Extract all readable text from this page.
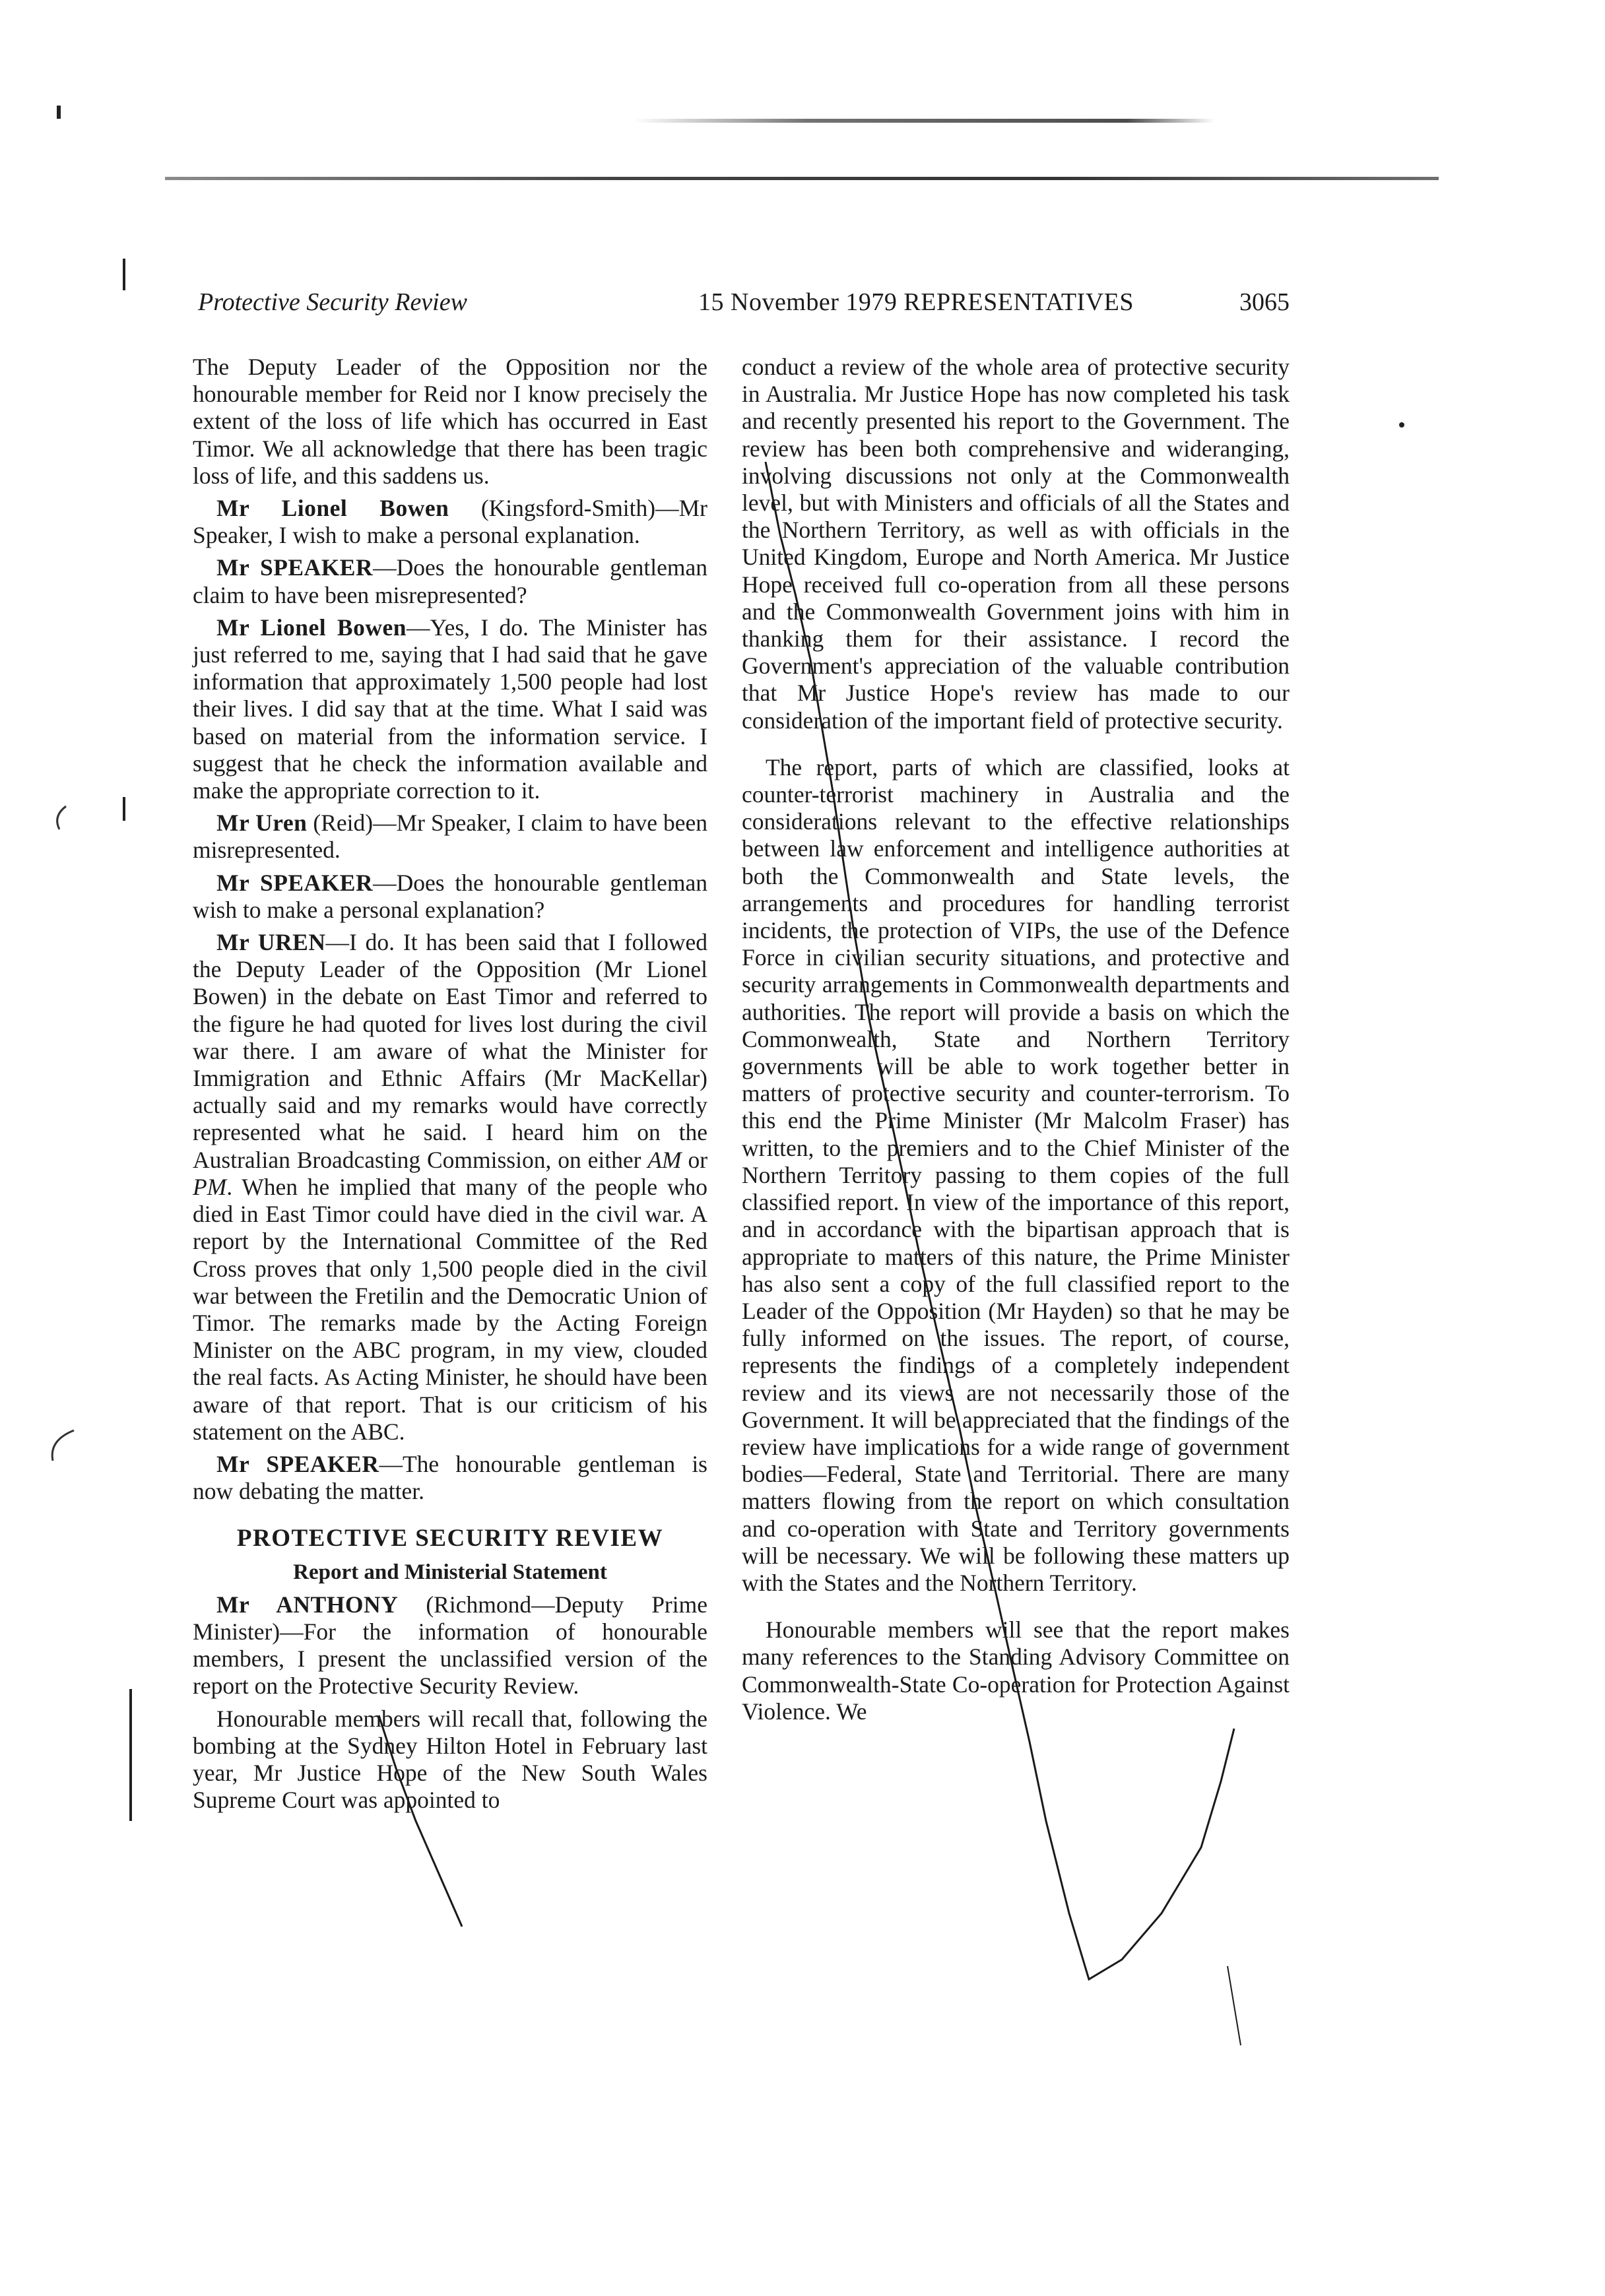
Protective Security Review	15 November 1979 REPRESENTATIVES	3065

The Deputy Leader of the Opposition nor the honourable member for Reid nor I know precisely the extent of the loss of life which has occurred in East Timor. We all acknowledge that there has been tragic loss of life, and this saddens us.

Mr Lionel Bowen (Kingsford-Smith)—Mr Speaker, I wish to make a personal explanation.

Mr SPEAKER—Does the honourable gentleman claim to have been misrepresented?

Mr Lionel Bowen—Yes, I do. The Minister has just referred to me, saying that I had said that he gave information that approximately 1,500 people had lost their lives. I did say that at the time. What I said was based on material from the information service. I suggest that he check the information available and make the appropriate correction to it.

Mr Uren (Reid)—Mr Speaker, I claim to have been misrepresented.

Mr SPEAKER—Does the honourable gentleman wish to make a personal explanation?

Mr UREN—I do. It has been said that I followed the Deputy Leader of the Opposition (Mr Lionel Bowen) in the debate on East Timor and referred to the figure he had quoted for lives lost during the civil war there. I am aware of what the Minister for Immigration and Ethnic Affairs (Mr MacKellar) actually said and my remarks would have correctly represented what he said. I heard him on the Australian Broadcasting Commission, on either AM or PM. When he implied that many of the people who died in East Timor could have died in the civil war. A report by the International Committee of the Red Cross proves that only 1,500 people died in the civil war between the Fretilin and the Democratic Union of Timor. The remarks made by the Acting Foreign Minister on the ABC program, in my view, clouded the real facts. As Acting Minister, he should have been aware of that report. That is our criticism of his statement on the ABC.

Mr SPEAKER—The honourable gentleman is now debating the matter.

PROTECTIVE SECURITY REVIEW
Report and Ministerial Statement

Mr ANTHONY (Richmond—Deputy Prime Minister)—For the information of honourable members, I present the unclassified version of the report on the Protective Security Review.

Honourable members will recall that, following the bombing at the Sydney Hilton Hotel in February last year, Mr Justice Hope of the New South Wales Supreme Court was appointed to

conduct a review of the whole area of protective security in Australia. Mr Justice Hope has now completed his task and recently presented his report to the Government. The review has been both comprehensive and wideranging, involving discussions not only at the Commonwealth level, but with Ministers and officials of all the States and the Northern Territory, as well as with officials in the United Kingdom, Europe and North America. Mr Justice Hope received full co-operation from all these persons and the Commonwealth Government joins with him in thanking them for their assistance. I record the Government's appreciation of the valuable contribution that Mr Justice Hope's review has made to our consideration of the important field of protective security.

The report, parts of which are classified, looks at counter-terrorist machinery in Australia and the considerations relevant to the effective relationships between law enforcement and intelligence authorities at both the Commonwealth and State levels, the arrangements and procedures for handling terrorist incidents, the protection of VIPs, the use of the Defence Force in civilian security situations, and protective and security arrangements in Commonwealth departments and authorities. The report will provide a basis on which the Commonwealth, State and Northern Territory governments will be able to work together better in matters of protective security and counter-terrorism. To this end the Prime Minister (Mr Malcolm Fraser) has written, to the premiers and to the Chief Minister of the Northern Territory passing to them copies of the full classified report. In view of the importance of this report, and in accordance with the bipartisan approach that is appropriate to matters of this nature, the Prime Minister has also sent a copy of the full classified report to the Leader of the Opposition (Mr Hayden) so that he may be fully informed on the issues. The report, of course, represents the findings of a completely independent review and its views are not necessarily those of the Government. It will be appreciated that the findings of the review have implications for a wide range of government bodies—Federal, State and Territorial. There are many matters flowing from the report on which consultation and co-operation with State and Territory governments will be necessary. We will be following these matters up with the States and the Northern Territory.

Honourable members will see that the report makes many references to the Standing Advisory Committee on Commonwealth-State Co-operation for Protection Against Violence. We
